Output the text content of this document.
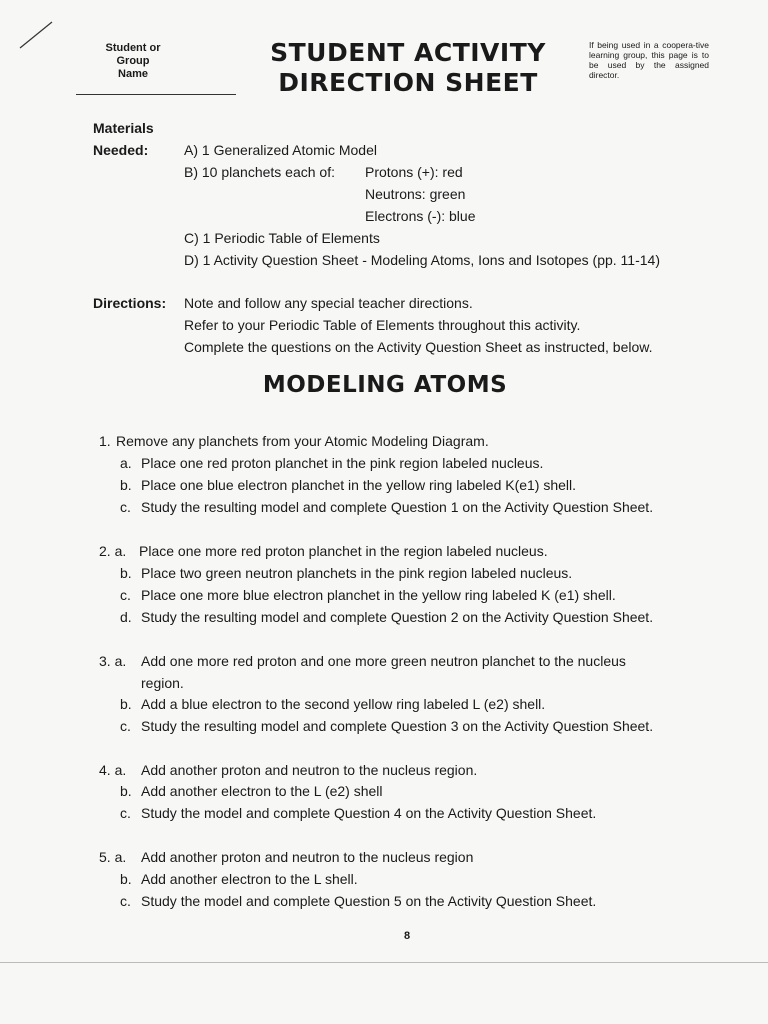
Student or Group
Name
STUDENT ACTIVITY
DIRECTION SHEET
If being used in a coopera-tive learning group, this page is to be used by the assigned director.
Materials
Needed:	A) 1 Generalized Atomic Model
B) 10 planchets each of: Protons (+): red
Neutrons: green
Electrons (-): blue
C) 1 Periodic Table of Elements
D) 1 Activity Question Sheet - Modeling Atoms, Ions and Isotopes (pp. 11-14)
Directions: Note and follow any special teacher directions.
Refer to your Periodic Table of Elements throughout this activity.
Complete the questions on the Activity Question Sheet as instructed, below.
MODELING ATOMS
1. Remove any planchets from your Atomic Modeling Diagram.
a. Place one red proton planchet in the pink region labeled nucleus.
b. Place one blue electron planchet in the yellow ring labeled K(e1) shell.
c. Study the resulting model and complete Question 1 on the Activity Question Sheet.
2. a. Place one more red proton planchet in the region labeled nucleus.
b. Place two green neutron planchets in the pink region labeled nucleus.
c. Place one more blue electron planchet in the yellow ring labeled K (e1) shell.
d. Study the resulting model and complete Question 2 on the Activity Question Sheet.
3. a. Add one more red proton and one more green neutron planchet to the nucleus
region.
b. Add a blue electron to the second yellow ring labeled L (e2) shell.
c. Study the resulting model and complete Question 3 on the Activity Question Sheet.
4. a. Add another proton and neutron to the nucleus region.
b. Add another electron to the L (e2) shell
c. Study the model and complete Question 4 on the Activity Question Sheet.
5. a. Add another proton and neutron to the nucleus region
b. Add another electron to the L shell.
c. Study the model and complete Question 5 on the Activity Question Sheet.
8
